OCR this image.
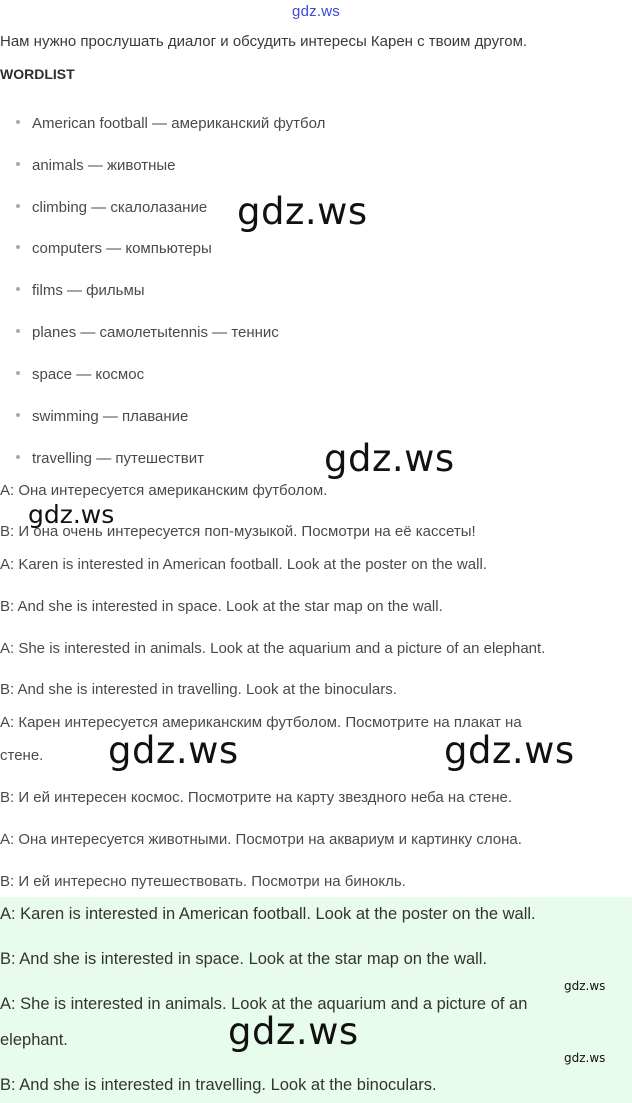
gdz.ws
Нам нужно прослушать диалог и обсудить интересы Карен с твоим другом.
WORDLIST
American football — американский футбол
animals — животные
climbing — скалолазание
computers — компьютеры
films — фильмы
planes — самолетыtennis — теннис
space — космос
swimming — плавание
travelling — путешествит
A: Она интересуется американским футболом.
B: И она очень интересуется поп-музыкой. Посмотри на её кассеты!
A: Karen is interested in American football. Look at the poster on the wall.
B: And she is interested in space. Look at the star map on the wall.
A: She is interested in animals. Look at the aquarium and a picture of an elephant.
B: And she is interested in travelling. Look at the binoculars.
A: Карен интересуется американским футболом. Посмотрите на плакат на
стене.
B: И ей интересен космос. Посмотрите на карту звездного неба на стене.
A: Она интересуется животными. Посмотри на аквариум и картинку слона.
B: И ей интересно путешествовать. Посмотри на бинокль.
A: Karen is interested in American football. Look at the poster on the wall.
B: And she is interested in space. Look at the star map on the wall.
A: She is interested in animals. Look at the aquarium and a picture of an
elephant.
B: And she is interested in travelling. Look at the binoculars.
gdz.ws
gdz.ws
gdz.ws
gdz.ws	gdz.ws
gdz.ws
gdz.ws
gdz.ws
